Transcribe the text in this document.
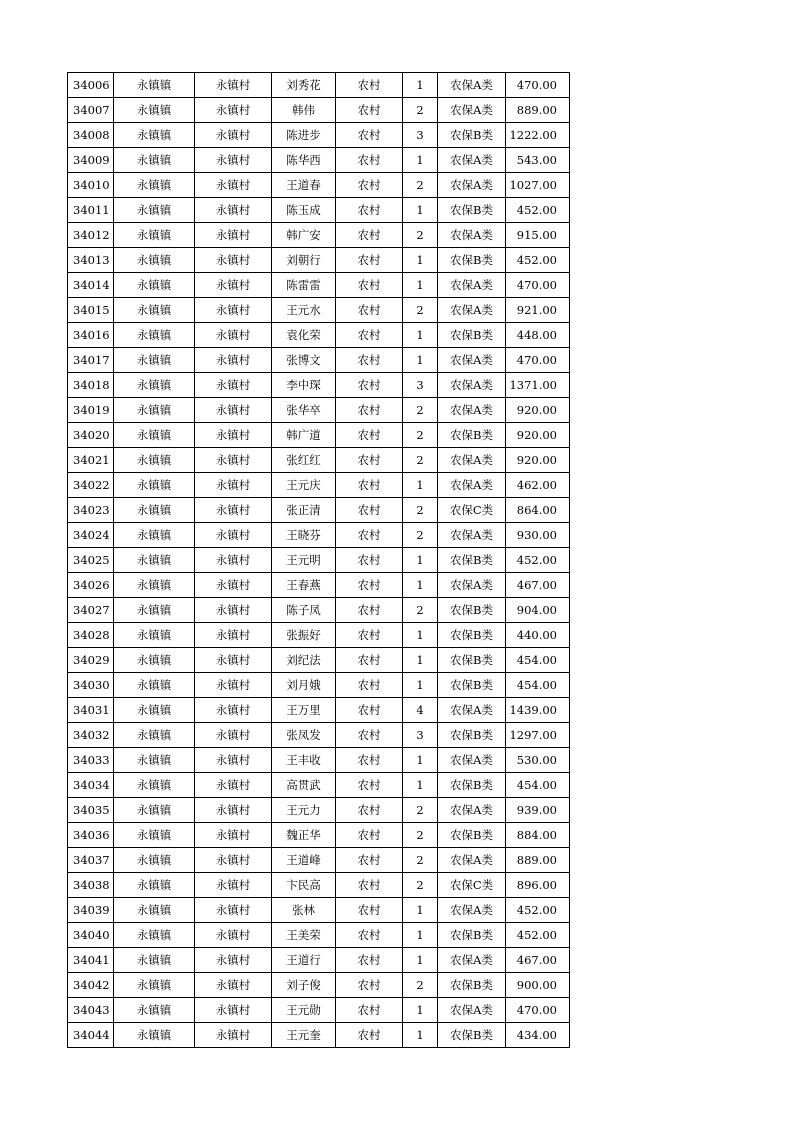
34006	永镇镇	永镇村	刘秀花	农村	1	农保A类	470.00
34007	永镇镇	永镇村	韩伟	农村	2	农保A类	889.00
34008	永镇镇	永镇村	陈进步	农村	3	农保B类	1222.00
34009	永镇镇	永镇村	陈华西	农村	1	农保A类	543.00
34010	永镇镇	永镇村	王道春	农村	2	农保A类	1027.00
34011	永镇镇	永镇村	陈玉成	农村	1	农保B类	452.00
34012	永镇镇	永镇村	韩广安	农村	2	农保A类	915.00
34013	永镇镇	永镇村	刘朝行	农村	1	农保B类	452.00
34014	永镇镇	永镇村	陈雷雷	农村	1	农保A类	470.00
34015	永镇镇	永镇村	王元水	农村	2	农保A类	921.00
34016	永镇镇	永镇村	袁化荣	农村	1	农保B类	448.00
34017	永镇镇	永镇村	张博文	农村	1	农保A类	470.00
34018	永镇镇	永镇村	李中琛	农村	3	农保A类	1371.00
34019	永镇镇	永镇村	张华卒	农村	2	农保A类	920.00
34020	永镇镇	永镇村	韩广道	农村	2	农保B类	920.00
34021	永镇镇	永镇村	张红红	农村	2	农保A类	920.00
34022	永镇镇	永镇村	王元庆	农村	1	农保A类	462.00
34023	永镇镇	永镇村	张正清	农村	2	农保C类	864.00
34024	永镇镇	永镇村	王晓芬	农村	2	农保A类	930.00
34025	永镇镇	永镇村	王元明	农村	1	农保B类	452.00
34026	永镇镇	永镇村	王春燕	农村	1	农保A类	467.00
34027	永镇镇	永镇村	陈子凤	农村	2	农保B类	904.00
34028	永镇镇	永镇村	张振好	农村	1	农保B类	440.00
34029	永镇镇	永镇村	刘纪法	农村	1	农保B类	454.00
34030	永镇镇	永镇村	刘月娥	农村	1	农保B类	454.00
34031	永镇镇	永镇村	王万里	农村	4	农保A类	1439.00
34032	永镇镇	永镇村	张凤发	农村	3	农保B类	1297.00
34033	永镇镇	永镇村	王丰收	农村	1	农保A类	530.00
34034	永镇镇	永镇村	高贯武	农村	1	农保B类	454.00
34035	永镇镇	永镇村	王元力	农村	2	农保A类	939.00
34036	永镇镇	永镇村	魏正华	农村	2	农保B类	884.00
34037	永镇镇	永镇村	王道峰	农村	2	农保A类	889.00
34038	永镇镇	永镇村	卞民高	农村	2	农保C类	896.00
34039	永镇镇	永镇村	张林	农村	1	农保A类	452.00
34040	永镇镇	永镇村	王美荣	农村	1	农保B类	452.00
34041	永镇镇	永镇村	王道行	农村	1	农保A类	467.00
34042	永镇镇	永镇村	刘子俊	农村	2	农保B类	900.00
34043	永镇镇	永镇村	王元勋	农村	1	农保A类	470.00
34044	永镇镇	永镇村	王元奎	农村	1	农保B类	434.00
